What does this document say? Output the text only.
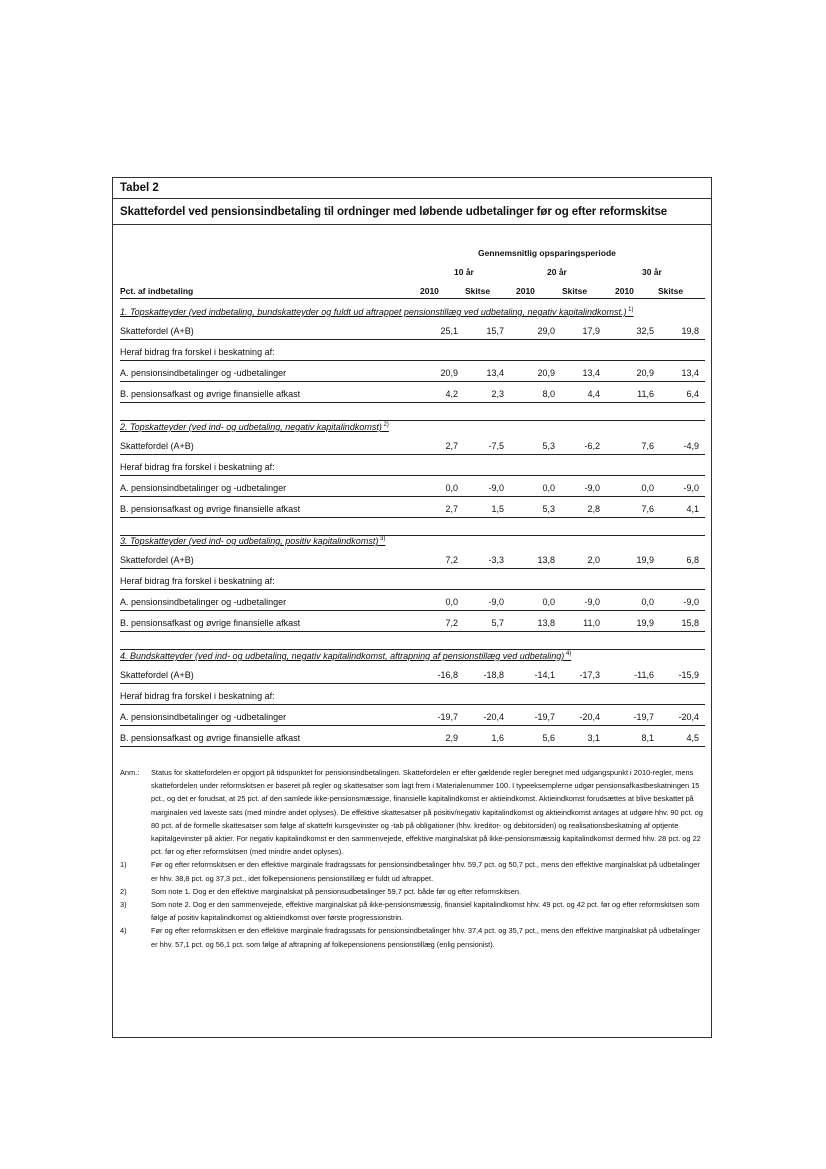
Tabel 2
Skattefordel ved pensionsindbetaling til ordninger med løbende udbetalinger før og efter reformskitse
Gennemsnitlig opsparingsperiode
10 år	20 år	30 år
Pct. af indbetaling	2010	Skitse	2010	Skitse	2010	Skitse
1. Topskatteyder (ved indbetaling, bundskatteyder og fuldt ud aftrappet pensionstillæg ved udbetaling, negativ kapitalindkomst.) $^{1)}$
Skattefordel (A+B)	25,1	15,7	29,0	17,9	32,5	19,8
Heraf bidrag fra forskel i beskatning af:
A. pensionsindbetalinger og -udbetalinger	20,9	13,4	20,9	13,4	20,9	13,4
B. pensionsafkast og øvrige finansielle afkast	4,2	2,3	8,0	4,4	11,6	6,4
2. Topskatteyder (ved ind- og udbetaling, negativ kapitalindkomst) $^{2)}$
Skattefordel (A+B)	2,7	-7,5	5,3	-6,2	7,6	-4,9
Heraf bidrag fra forskel i beskatning af:
A. pensionsindbetalinger og -udbetalinger	0,0	-9,0	0,0	-9,0	0,0	-9,0
B. pensionsafkast og øvrige finansielle afkast	2,7	1,5	5,3	2,8	7,6	4,1
3. Topskatteyder (ved ind- og udbetaling, positiv kapitalindkomst) $^{3)}$
Skattefordel (A+B)	7,2	-3,3	13,8	2,0	19,9	6,8
Heraf bidrag fra forskel i beskatning af:
A. pensionsindbetalinger og -udbetalinger	0,0	-9,0	0,0	-9,0	0,0	-9,0
B. pensionsafkast og øvrige finansielle afkast	7,2	5,7	13,8	11,0	19,9	15,8
4. Bundskatteyder (ved ind- og udbetaling, negativ kapitalindkomst, aftrapning af pensionstillæg ved udbetaling) $^{4)}$
Skattefordel (A+B)	-16,8	-18,8	-14,1	-17,3	-11,6	-15,9
Heraf bidrag fra forskel i beskatning af:
A. pensionsindbetalinger og -udbetalinger	-19,7	-20,4	-19,7	-20,4	-19,7	-20,4
B. pensionsafkast og øvrige finansielle afkast	2,9	1,6	5,6	3,1	8,1	4,5
Anm.:	Status for skattefordelen er opgjort på tidspunktet for pensionsindbetalingen. Skattefordelen er efter gældende regler beregnet med udgangspunkt i 2010-regler, mens skattefordelen under reformskitsen er baseret på regler og skattesatser som lagt frem i Materialenummer 100. I typeeksemplerne udgør pensionsafkastbeskatningen 15 pct., og det er forudsat, at 25 pct. af den samlede ikke-pensionsmæssige, finansielle kapitalindkomst er aktieindkomst. Aktieindkomst forudsættes at blive beskattet på marginalen ved laveste sats (med mindre andet oplyses). De effektive skattesatser på positiv/negativ kapitalindkomst og aktieindkomst antages at udgøre hhv. 90 pct. og 80 pct. af de formelle skattesatser som følge af skattefri kursgevinster og -tab på obligationer (hhv. kreditor- og debitorsiden) og realisationsbeskatning af optjente kapitalgevinster på aktier. For negativ kapitalindkomst er den sammenvejede, effektive marginalskat på ikke-pensionsmæssig kapitalindkomst dermed hhv. 28 pct. og 22 pct. før og efter reformskitsen (med mindre andet oplyses).
1)	Før og efter reformskitsen er den effektive marginale fradragssats for pensionsindbetalinger hhv. 59,7 pct. og 50,7 pct., mens den effektive marginalskat på udbetalinger er hhv. 38,8 pct. og 37,3 pct., idet folkepensionens pensionstillæg er fuldt ud aftrappet.
2)	Som note 1. Dog er den effektive marginalskat på pensionsudbetalinger 59,7 pct. både før og efter reformskitsen.
3)	Som note 2. Dog er den sammenvejede, effektive marginalskat på ikke-pensionsmæssig, finansiel kapitalindkomst hhv. 49 pct. og 42 pct. før og efter reformskitsen som følge af positiv kapitalindkomst og aktieindkomst over første progressionstrin.
4)	Før og efter reformskitsen er den effektive marginale fradragssats for pensionsindbetalinger hhv. 37,4 pct. og 35,7 pct., mens den effektive marginalskat på udbetalinger er hhv. 57,1 pct. og 56,1 pct. som følge af aftrapning af folkepensionens pensionstillæg (enlig pensionist).
